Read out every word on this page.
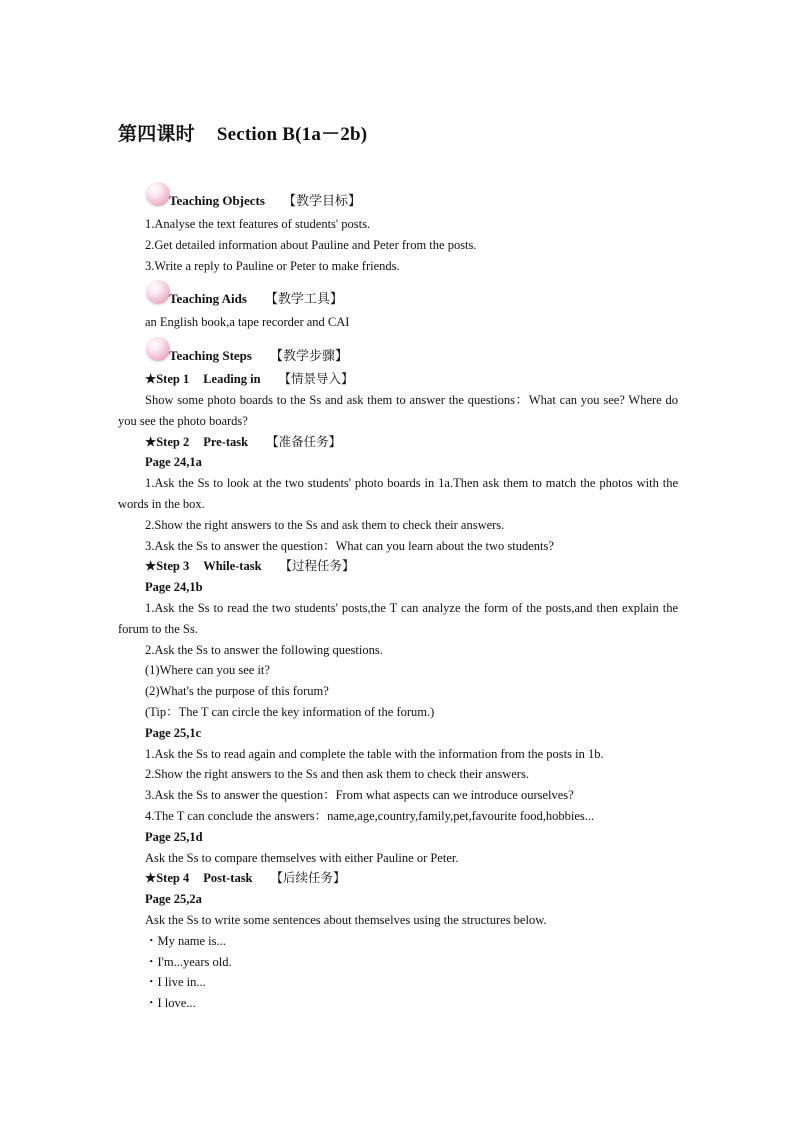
第四课时 Section B(1a－2b)
Teaching Objects 【教学目标】
1.Analyse the text features of students' posts.
2.Get detailed information about Pauline and Peter from the posts.
3.Write a reply to Pauline or Peter to make friends.
Teaching Aids 【教学工具】
an English book,a tape recorder and CAI
Teaching Steps 【教学步骤】
★Step 1 Leading in 【情景导入】
Show some photo boards to the Ss and ask them to answer the questions：What can you see? Where do you see the photo boards?
★Step 2 Pre-task 【准备任务】
Page 24,1a
1.Ask the Ss to look at the two students' photo boards in 1a.Then ask them to match the photos with the words in the box.
2.Show the right answers to the Ss and ask them to check their answers.
3.Ask the Ss to answer the question：What can you learn about the two students?
★Step 3 While-task 【过程任务】
Page 24,1b
1.Ask the Ss to read the two students' posts,the T can analyze the form of the posts,and then explain the forum to the Ss.
2.Ask the Ss to answer the following questions.
(1)Where can you see it?
(2)What's the purpose of this forum?
(Tip：The T can circle the key information of the forum.)
Page 25,1c
1.Ask the Ss to read again and complete the table with the information from the posts in 1b.
2.Show the right answers to the Ss and then ask them to check their answers.
3.Ask the Ss to answer the question：From what aspects can we introduce ourselves?
4.The T can conclude the answers：name,age,country,family,pet,favourite food,hobbies...
Page 25,1d
Ask the Ss to compare themselves with either Pauline or Peter.
★Step 4 Post-task 【后续任务】
Page 25,2a
Ask the Ss to write some sentences about themselves using the structures below.
・My name is...
・I'm...years old.
・I live in...
・I love...
